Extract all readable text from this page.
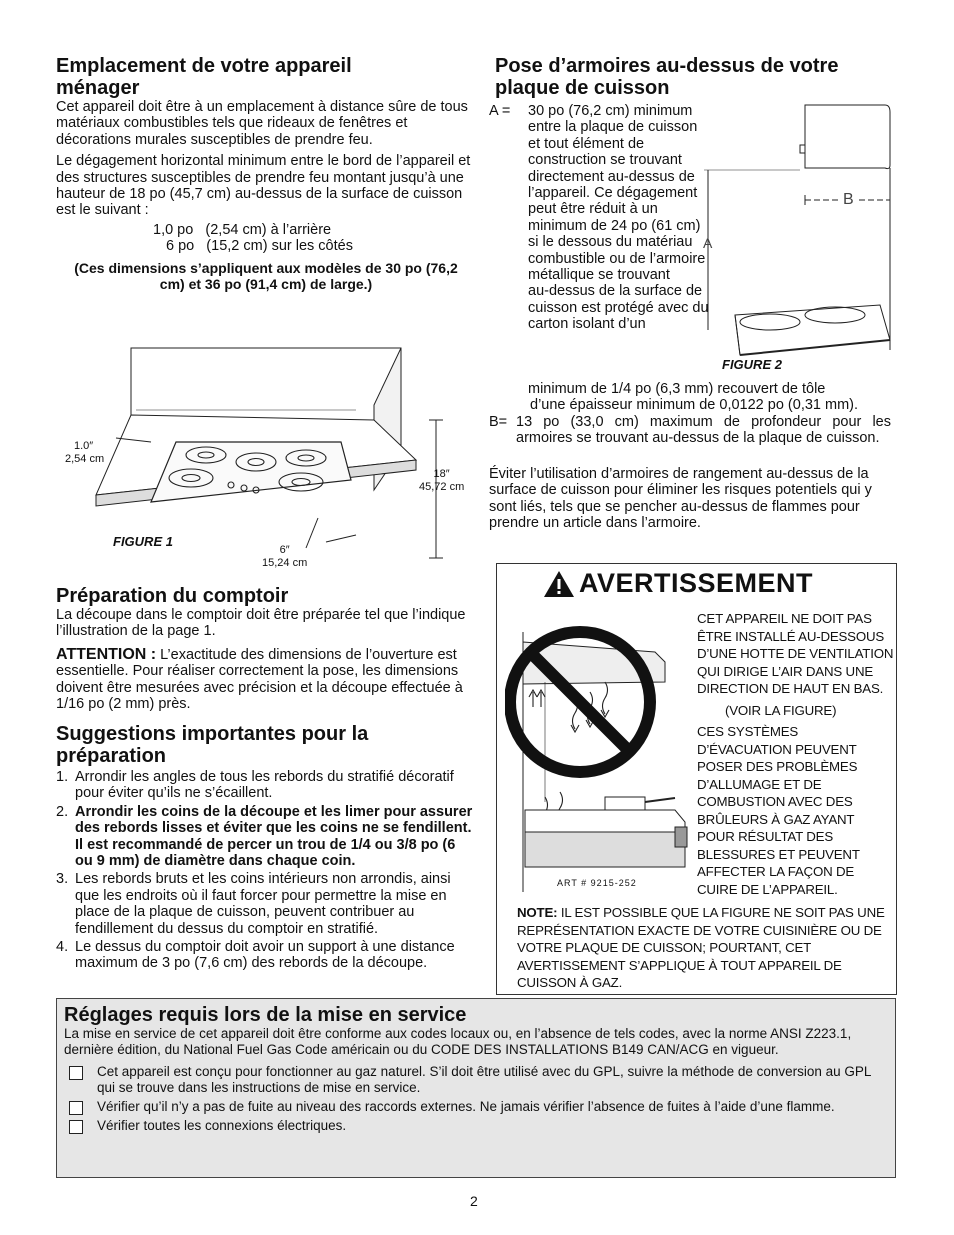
Emplacement de votre appareil
ménager

Cet appareil doit être à un emplacement à distance sûre de tous matériaux combustibles tels que rideaux de fenêtres et décorations murales susceptibles de prendre feu.

Le dégagement horizontal minimum entre le bord de l’appareil et des structures susceptibles de prendre feu montant jusqu’à une hauteur de 18 po (45,7 cm) au‑dessus de la surface de cuisson est le suivant :

1,0 po   (2,54 cm) à l’arrière

6 po   (15,2 cm) sur les côtés

(Ces dimensions s’appliquent aux modèles de 30 po (76,2 cm) et 36 po (91,4 cm) de large.)

1.0″
2,54 cm
18″
45,72 cm
6″
15,24 cm
FIGURE 1
Préparation du comptoir

La découpe dans le comptoir doit être préparée tel que l’indique l’illustration de la page 1.

ATTENTION : L’exactitude des dimensions de l’ouverture est essentielle. Pour réaliser correctement la pose, les dimensions doivent être mesurées avec précision et la découpe effectuée à 1/16 po (2 mm) près.

Suggestions importantes pour la
préparation
1. Arrondir les angles de tous les rebords du stratifié décoratif pour éviter qu’ils ne s’écaillent.
2. Arrondir les coins de la découpe et les limer pour assurer des rebords lisses et éviter que les coins ne se fendillent. Il est recommandé de percer un trou de 1/4 ou 3/8 po (6 ou 9 mm) de diamètre dans chaque coin.
3. Les rebords bruts et les coins intérieurs non arrondis, ainsi que les endroits où il faut forcer pour permettre la mise en place de la plaque de cuisson, peuvent contribuer au fendillement du dessus du comptoir en stratifié.
4. Le dessus du comptoir doit avoir un support à une distance maximum de 3 po (7,6 cm) des rebords de la découpe.
Pose d’armoires au‑dessus de votre
plaque de cuisson
A =	30 po (76,2 cm) minimum entre la plaque de cuisson et tout élément de construction se trouvant directement au‑dessus de l’appareil. Ce dégagement peut être réduit à un minimum de 24 po (61 cm) si le dessous du matériau combustible ou de l’armoire métallique se trouvant au‑dessus de la surface de cuisson est protégé avec du carton isolant d’un
minimum de 1/4 po (6,3 mm) recouvert de tôle
d’une épaisseur minimum de 0,0122 po (0,31 mm).
B= 13 po (33,0 cm) maximum de profondeur pour les armoires se trouvant au‑dessus de la plaque de cuisson.

Éviter l’utilisation d’armoires de rangement au‑dessus de la surface de cuisson pour éliminer les risques potentiels qui y sont liés, tels que se pencher au‑dessus de flammes pour prendre un article dans l’armoire.

A
B
FIGURE 2
AVERTISSEMENT
ART # 9215-252
CET APPAREIL NE DOIT PAS ÊTRE INSTALLÉ AU‑DESSOUS D’UNE HOTTE DE VENTILATION QUI DIRIGE L’AIR DANS UNE DIRECTION DE HAUT EN BAS.
(VOIR LA FIGURE)
CES SYSTÈMES D’ÉVACUATION PEUVENT POSER DES PROBLÈMES D’ALLUMAGE ET DE COMBUSTION AVEC DES BRÛLEURS À GAZ AYANT POUR RÉSULTAT DES BLESSURES ET PEUVENT AFFECTER LA FAÇON DE CUIRE DE L’APPAREIL.
NOTE: IL EST POSSIBLE QUE LA FIGURE NE SOIT PAS UNE REPRÉSENTATION EXACTE DE VOTRE CUISINIÈRE OU DE VOTRE PLAQUE DE CUISSON; POURTANT, CET AVERTISSEMENT S’APPLIQUE À TOUT APPAREIL DE CUISSON À GAZ.
Réglages requis lors de la mise en service

La mise en service de cet appareil doit être conforme aux codes locaux ou, en l’absence de tels codes, avec la norme ANSI Z223.1, dernière édition, du National Fuel Gas Code américain ou du CODE DES INSTALLATIONS B149 CAN/ACG en vigueur.

Cet appareil est conçu pour fonctionner au gaz naturel. S’il doit être utilisé avec du GPL, suivre la méthode de conversion au GPL qui se trouve dans les instructions de mise en service.
Vérifier qu’il n’y a pas de fuite au niveau des raccords externes. Ne jamais vérifier l’absence de fuites à l’aide d’une flamme.
Vérifier toutes les connexions électriques.
2
